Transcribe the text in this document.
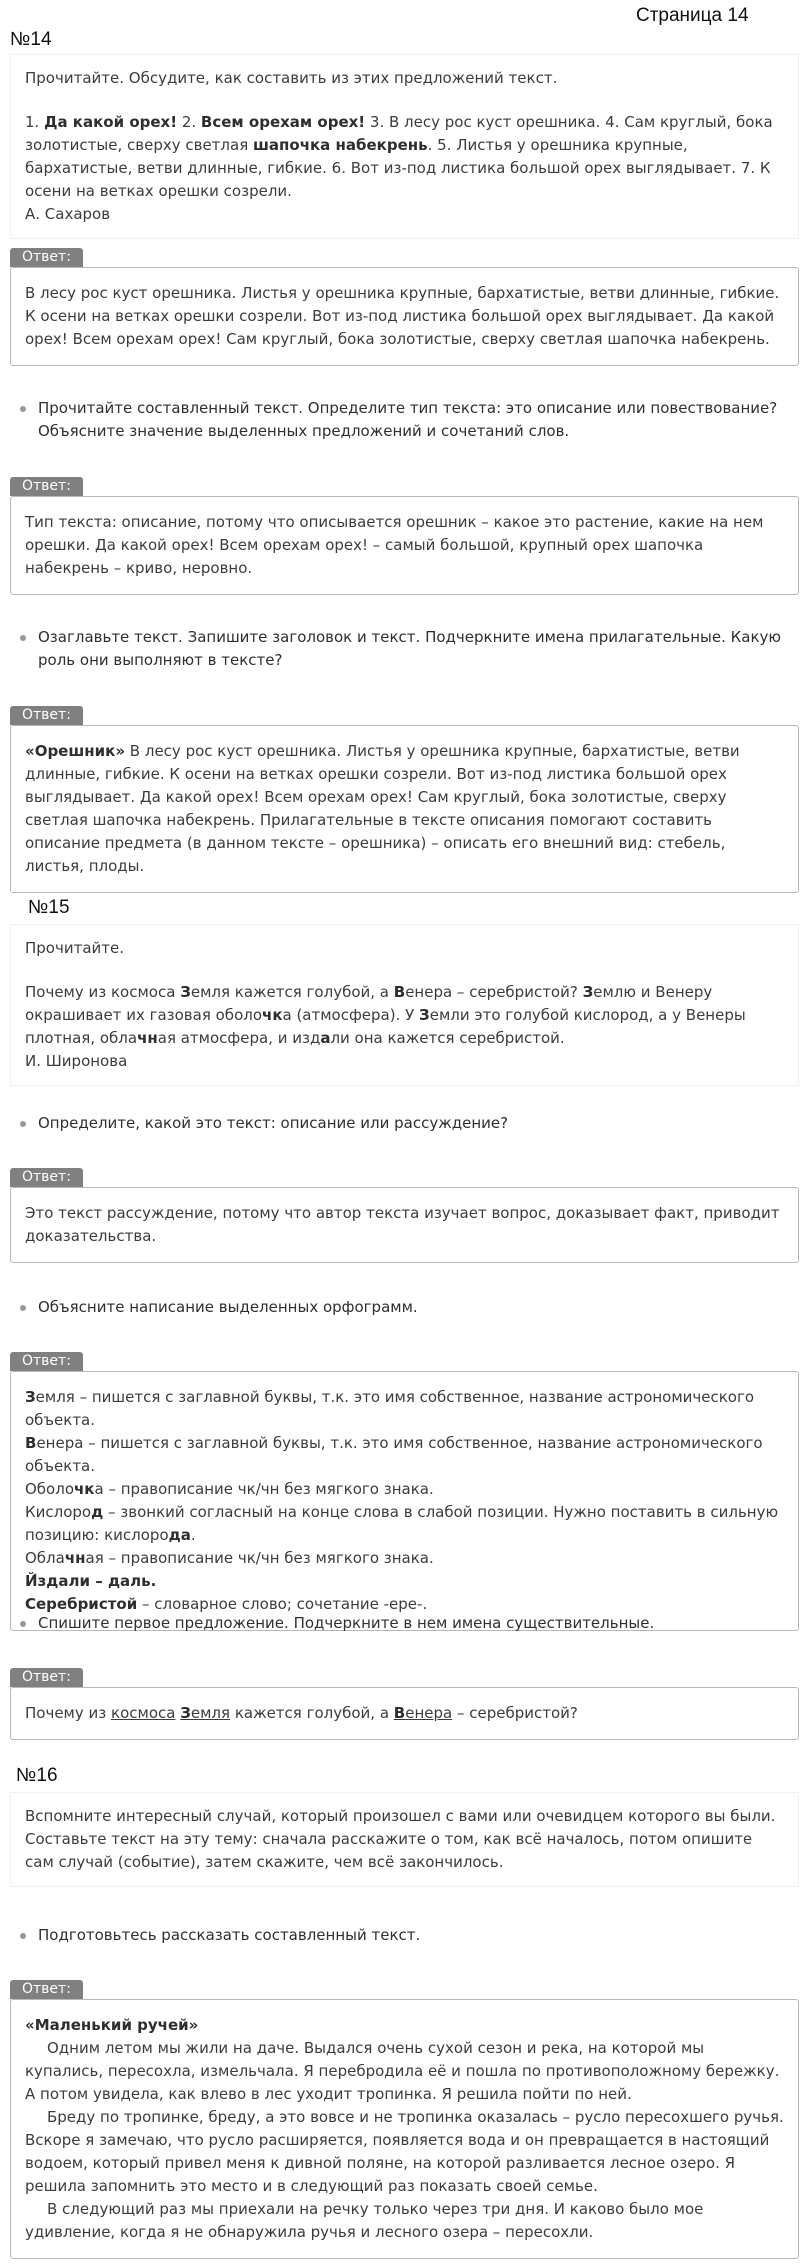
Страница 14
№14

Прочитайте. Обсудите, как составить из этих предложений текст.

1. Да какой орех! 2. Всем орехам орех! 3. В лесу рос куст орешника. 4. Сам круглый, бока золотистые, сверху светлая шапочка набекрень. 5. Листья у орешника крупные, бархатистые, ветви длинные, гибкие. 6. Вот из-под листика большой орех выглядывает. 7. К осени на ветках орешки созрели.

А. Сахаров

Ответ:

В лесу рос куст орешника. Листья у орешника крупные, бархатистые, ветви длинные, гибкие. К осени на ветках орешки созрели. Вот из-под листика большой орех выглядывает. Да какой орех! Всем орехам орех! Сам круглый, бока золотистые, сверху светлая шапочка набекрень.

Прочитайте составленный текст. Определите тип текста: это описание или повествование? Объясните значение выделенных предложений и сочетаний слов.
Ответ:

Тип текста: описание, потому что описывается орешник – какое это растение, какие на нем орешки. Да какой орех! Всем орехам орех! – самый большой, крупный орех шапочка набекрень – криво, неровно.

Озаглавьте текст. Запишите заголовок и текст. Подчеркните имена прилагательные. Какую роль они выполняют в тексте?
Ответ:

«Орешник» В лесу рос куст орешника. Листья у орешника крупные, бархатистые, ветви длинные, гибкие. К осени на ветках орешки созрели. Вот из-под листика большой орех выглядывает. Да какой орех! Всем орехам орех! Сам круглый, бока золотистые, сверху светлая шапочка набекрень. Прилагательные в тексте описания помогают составить описание предмета (в данном тексте – орешника) – описать его внешний вид: стебель, листья, плоды.

№15

Прочитайте.

Почему из космоса Земля кажется голубой, а Венера – серебристой? Землю и Венеру окрашивает их газовая оболочка (атмосфера). У Земли это голубой кислород, а у Венеры плотная, облачная атмосфера, и издали она кажется серебристой.

И. Широнова

Определите, какой это текст: описание или рассуждение?
Ответ:

Это текст рассуждение, потому что автор текста изучает вопрос, доказывает факт, приводит доказательства.

Объясните написание выделенных орфограмм.
Ответ:

Земля – пишется с заглавной буквы, т.к. это имя собственное, название астрономического объекта.

Венера – пишется с заглавной буквы, т.к. это имя собственное, название астрономического объекта.

Оболочка – правописание чк/чн без мягкого знака.

Кислород – звонкий согласный на конце слова в слабой позиции. Нужно поставить в сильную позицию: кислорода.

Облачная – правописание чк/чн без мягкого знака.

Й́здали – даль.

Серебристой – словарное слово; сочетание -ере-.

Спишите первое предложение. Подчеркните в нем имена существительные.
Ответ:

Почему из космоса Земля кажется голубой, а Венера – серебристой?

№16

Вспомните интересный случай, который произошел с вами или очевидцем которого вы были. Составьте текст на эту тему: сначала расскажите о том, как всё началось, потом опишите сам случай (событие), затем скажите, чем всё закончилось.

Подготовьтесь рассказать составленный текст.
Ответ:

«Маленький ручей»

Одним летом мы жили на даче. Выдался очень сухой сезон и река, на которой мы купались, пересохла, измельчала. Я перебродила её и пошла по противоположному бережку. А потом увидела, как влево в лес уходит тропинка. Я решила пойти по ней.

Бреду по тропинке, бреду, а это вовсе и не тропинка оказалась – русло пересохшего ручья. Вскоре я замечаю, что русло расширяется, появляется вода и он превращается в настоящий водоем, который привел меня к дивной поляне, на которой разливается лесное озеро. Я решила запомнить это место и в следующий раз показать своей семье.

В следующий раз мы приехали на речку только через три дня. И каково было мое удивление, когда я не обнаружила ручья и лесного озера – пересохли.
